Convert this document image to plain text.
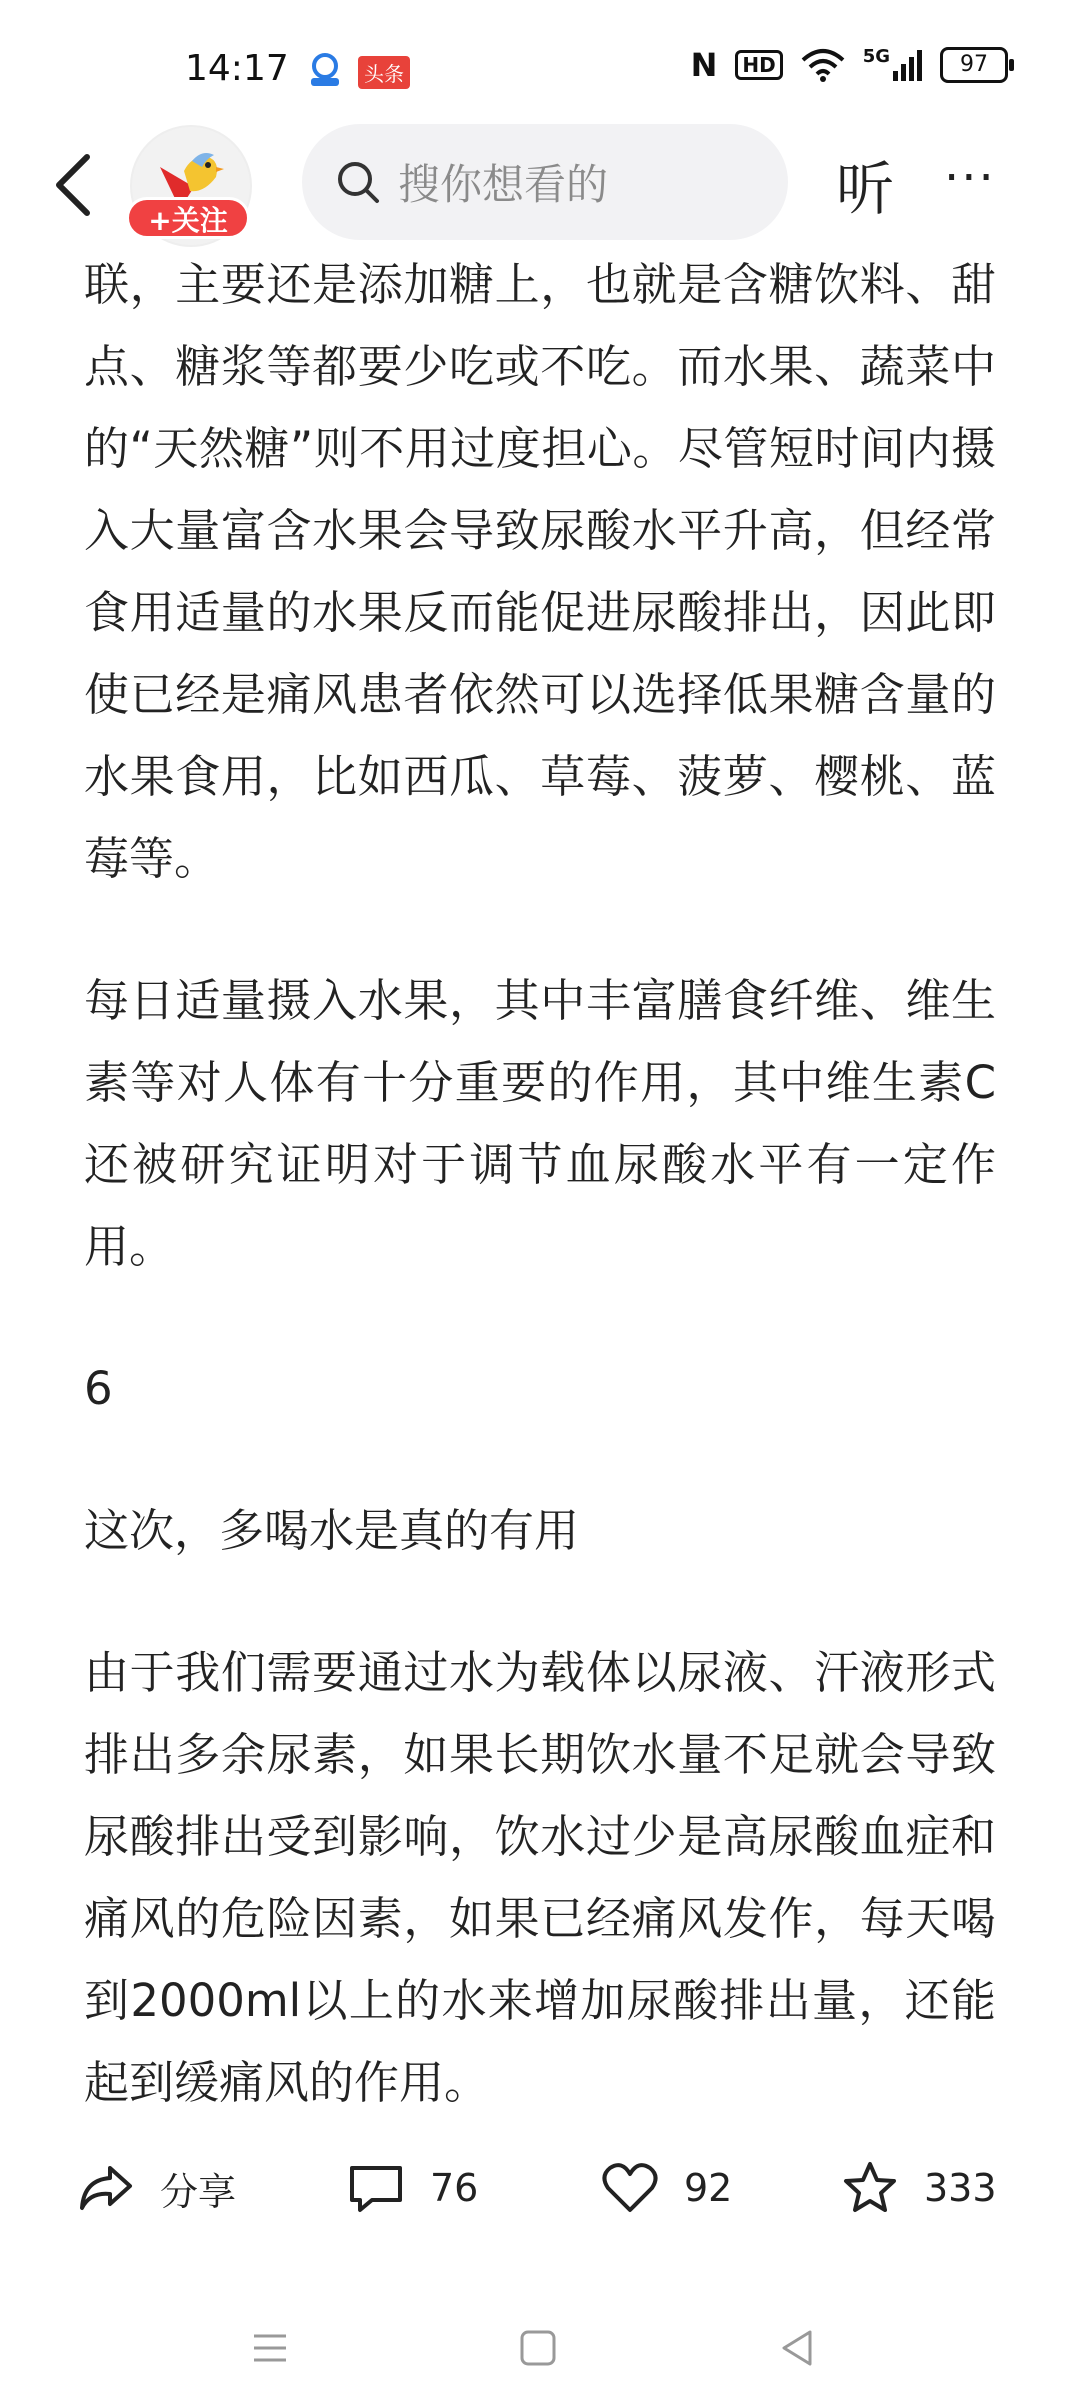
14:17	头条	Ν	HD	5G	97
+关注
搜你想看的	听 ···

联，主要还是添加糖上，也就是含糖饮料、甜点、糖浆等都要少吃或不吃。而水果、蔬菜中的“天然糖”则不用过度担心。尽管短时间内摄入大量富含水果会导致尿酸水平升高，但经常食用适量的水果反而能促进尿酸排出，因此即使已经是痛风患者依然可以选择低果糖含量的水果食用，比如西瓜、草莓、菠萝、樱桃、蓝莓等。

每日适量摄入水果，其中丰富膳食纤维、维生素等对人体有十分重要的作用，其中维生素C还被研究证明对于调节血尿酸水平有一定作用。

6

这次，多喝水是真的有用

由于我们需要通过水为载体以尿液、汗液形式排出多余尿素，如果长期饮水量不足就会导致尿酸排出受到影响，饮水过少是高尿酸血症和痛风的危险因素，如果已经痛风发作，每天喝到2000ml以上的水来增加尿酸排出量，还能起到缓痛风的作用。

分享	76	92	333
